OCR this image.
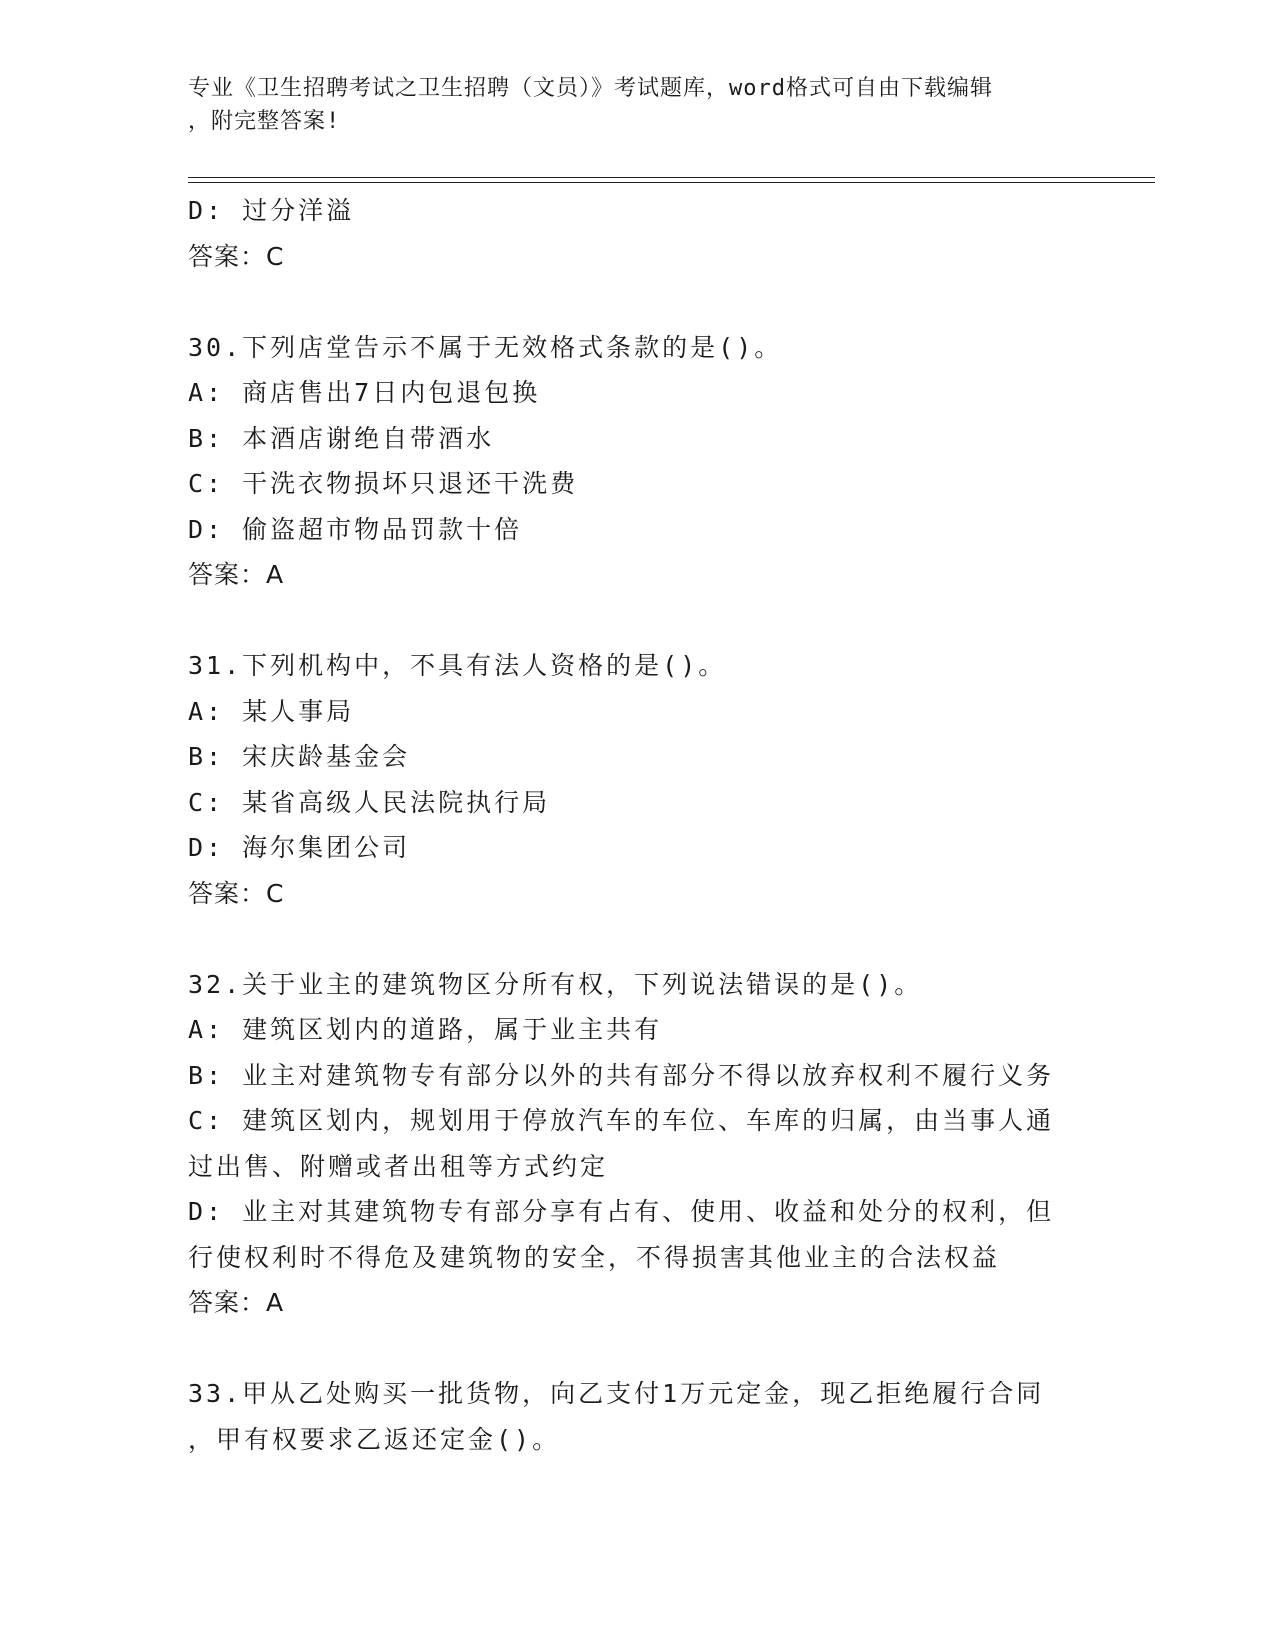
专业《卫生招聘考试之卫生招聘（文员）》考试题库，word格式可自由下载编辑
，附完整答案!

D: 过分洋溢

答案：C

30.下列店堂告示不属于无效格式条款的是()。

A: 商店售出7日内包退包换

B: 本酒店谢绝自带酒水

C: 干洗衣物损坏只退还干洗费

D: 偷盗超市物品罚款十倍

答案：A

31.下列机构中，不具有法人资格的是()。

A: 某人事局

B: 宋庆龄基金会

C: 某省高级人民法院执行局

D: 海尔集团公司

答案：C

32.关于业主的建筑物区分所有权，下列说法错误的是()。

A: 建筑区划内的道路，属于业主共有

B: 业主对建筑物专有部分以外的共有部分不得以放弃权利不履行义务

C: 建筑区划内，规划用于停放汽车的车位、车库的归属，由当事人通

过出售、附赠或者出租等方式约定

D: 业主对其建筑物专有部分享有占有、使用、收益和处分的权利，但

行使权利时不得危及建筑物的安全，不得损害其他业主的合法权益

答案：A

33.甲从乙处购买一批货物，向乙支付1万元定金，现乙拒绝履行合同

，甲有权要求乙返还定金()。
